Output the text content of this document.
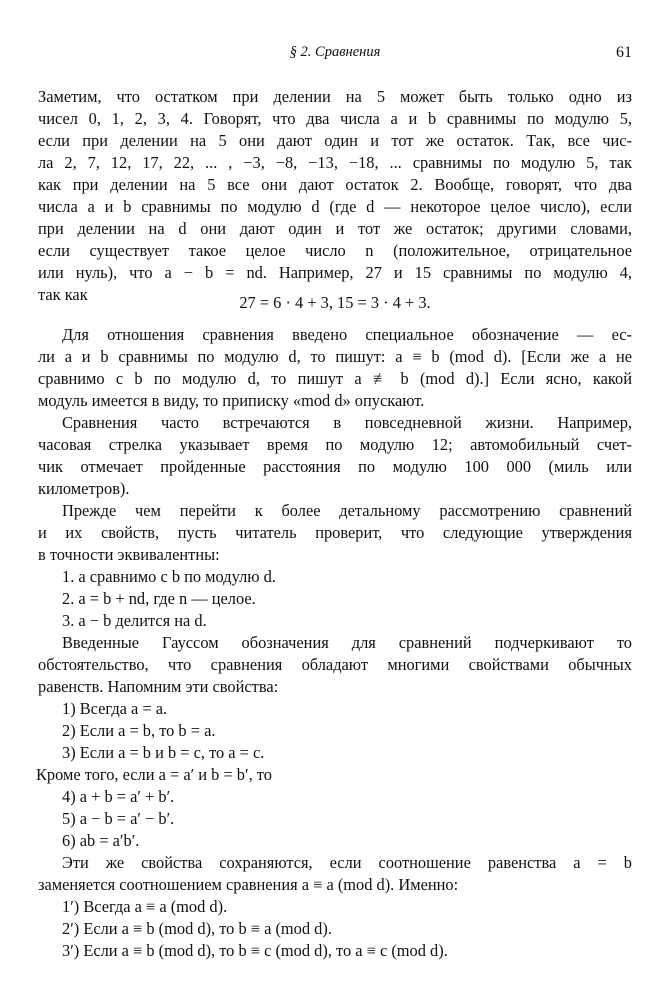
§ 2. Сравнения	61
Заметим, что остатком при делении на 5 может быть только одно из
чисел 0, 1, 2, 3, 4. Говорят, что два числа a и b сравнимы по модулю 5,
если при делении на 5 они дают один и тот же остаток. Так, все чис-
ла 2, 7, 12, 17, 22, ... , −3, −8, −13, −18, ... сравнимы по модулю 5, так
как при делении на 5 все они дают остаток 2. Вообще, говорят, что два
числа a и b сравнимы по модулю d (где d — некоторое целое число), если
при делении на d они дают один и тот же остаток; другими словами,
если существует такое целое число n (положительное, отрицательное
или нуль), что a − b = nd. Например, 27 и 15 сравнимы по модулю 4,
так как	27 = 6 · 4 + 3, 15 = 3 · 4 + 3.
Для отношения сравнения введено специальное обозначение — ес-
ли a и b сравнимы по модулю d, то пишут: a ≡ b (mod d). [Если же a не
сравнимо с b по модулю d, то пишут a ≢ b (mod d).] Если ясно, какой
модуль имеется в виду, то приписку «mod d» опускают.
Сравнения часто встречаются в повседневной жизни. Например,
часовая стрелка указывает время по модулю 12; автомобильный счет-
чик отмечает пройденные расстояния по модулю 100 000 (миль или
километров).
Прежде чем перейти к более детальному рассмотрению сравнений
и их свойств, пусть читатель проверит, что следующие утверждения
в точности эквивалентны:
1. a сравнимо с b по модулю d.
2. a = b + nd, где n — целое.
3. a − b делится на d.
Введенные Гауссом обозначения для сравнений подчеркивают то
обстоятельство, что сравнения обладают многими свойствами обычных
равенств. Напомним эти свойства:
1) Всегда a = a.
2) Если a = b, то b = a.
3) Если a = b и b = c, то a = c.
Кроме того, если a = a′ и b = b′, то
4) a + b = a′ + b′.
5) a − b = a′ − b′.
6) ab = a′b′.
Эти же свойства сохраняются, если соотношение равенства a = b
заменяется соотношением сравнения a ≡ a (mod d). Именно:
1′) Всегда a ≡ a (mod d).
2′) Если a ≡ b (mod d), то b ≡ a (mod d).
3′) Если a ≡ b (mod d), то b ≡ c (mod d), то a ≡ c (mod d).
